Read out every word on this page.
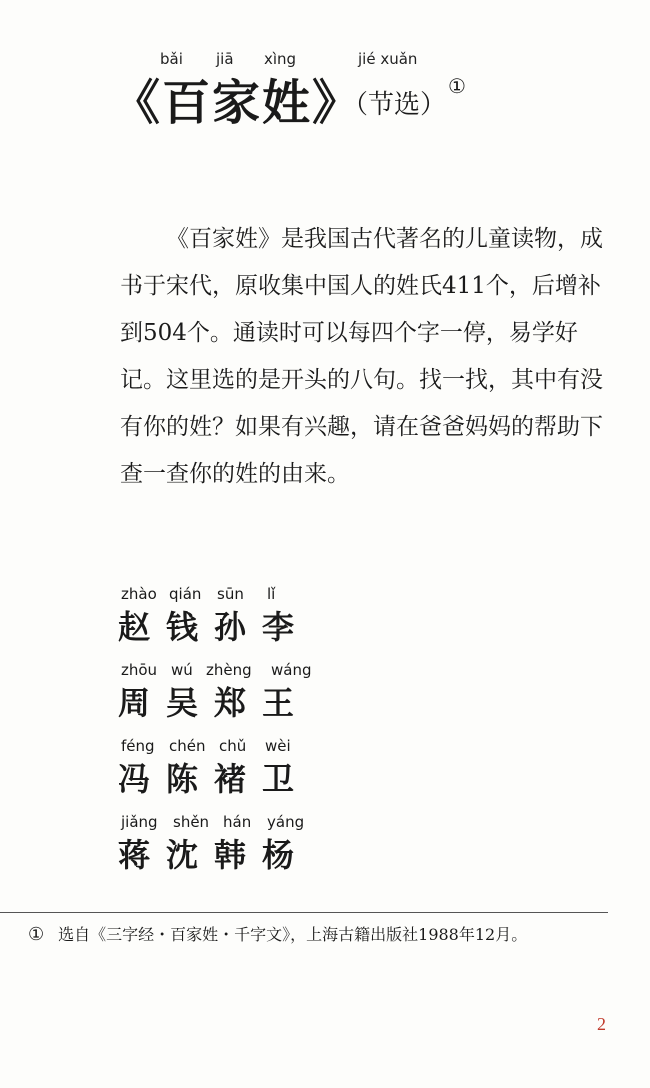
bǎi jiā xìng	jié xuǎn
《百家姓》
（节选）
①

《百家姓》是我国古代著名的儿童读物，成书于宋代，原收集中国人的姓氏411个，后增补到504个。通读时可以每四个字一停，易学好记。 这里选的是开头的八句。找一找，其中有没有你的姓？如果有兴趣，请在爸爸妈妈的帮助下查一查你的姓的由来。

zhào qián	sūn	lǐ
赵 钱 孙 李
zhōu wú zhèng	wáng
周 吴 郑 王
féng chén chǔ	wèi
冯 陈 褚 卫
jiǎng	shěn hán	yáng
蒋 沈 韩 杨
① 选自《三字经・百家姓・千字文》，上海古籍出版社1988年12月。
2
